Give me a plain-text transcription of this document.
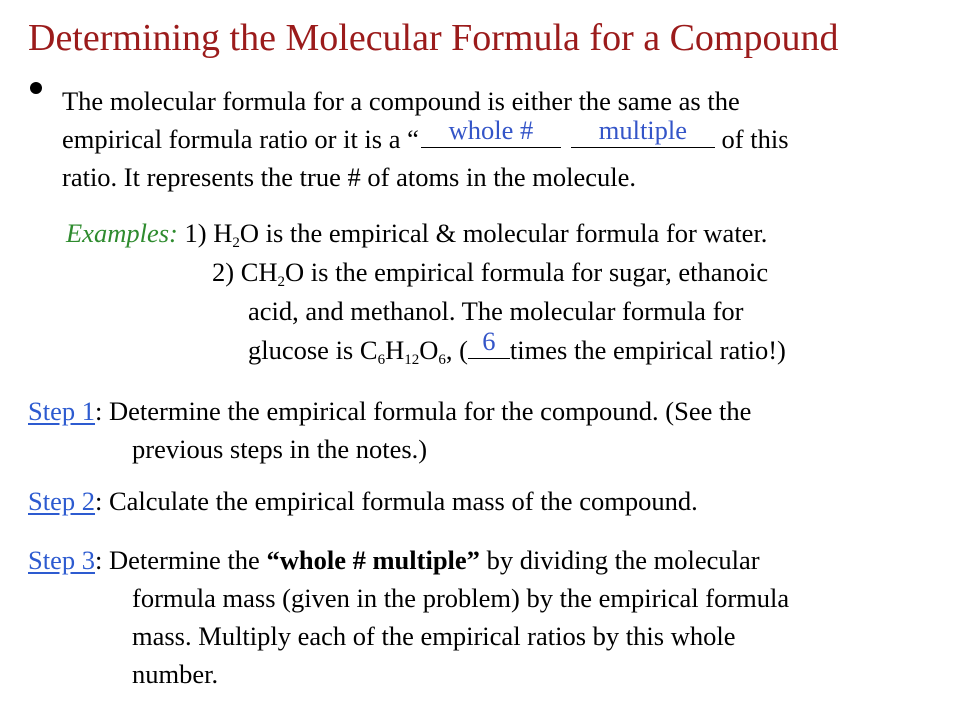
Determining the Molecular Formula for a Compound
The molecular formula for a compound is either the same as the
empirical formula ratio or it is a “	whole #	multiple	of this
ratio. It represents the true # of atoms in the molecule.
Examples: 1) $H_2O$ is the empirical & molecular formula for water.
2) $CH_2O$ is the empirical formula for sugar, ethanoic
acid, and methanol. The molecular formula for
glucose is $C_6H_{12}O_6$, ( 6 times the empirical ratio!)
Step 1: Determine the empirical formula for the compound. (See the
previous steps in the notes.)
Step 2: Calculate the empirical formula mass of the compound.
Step 3: Determine the “whole # multiple” by dividing the molecular
formula mass (given in the problem) by the empirical formula
mass. Multiply each of the empirical ratios by this whole
number.
